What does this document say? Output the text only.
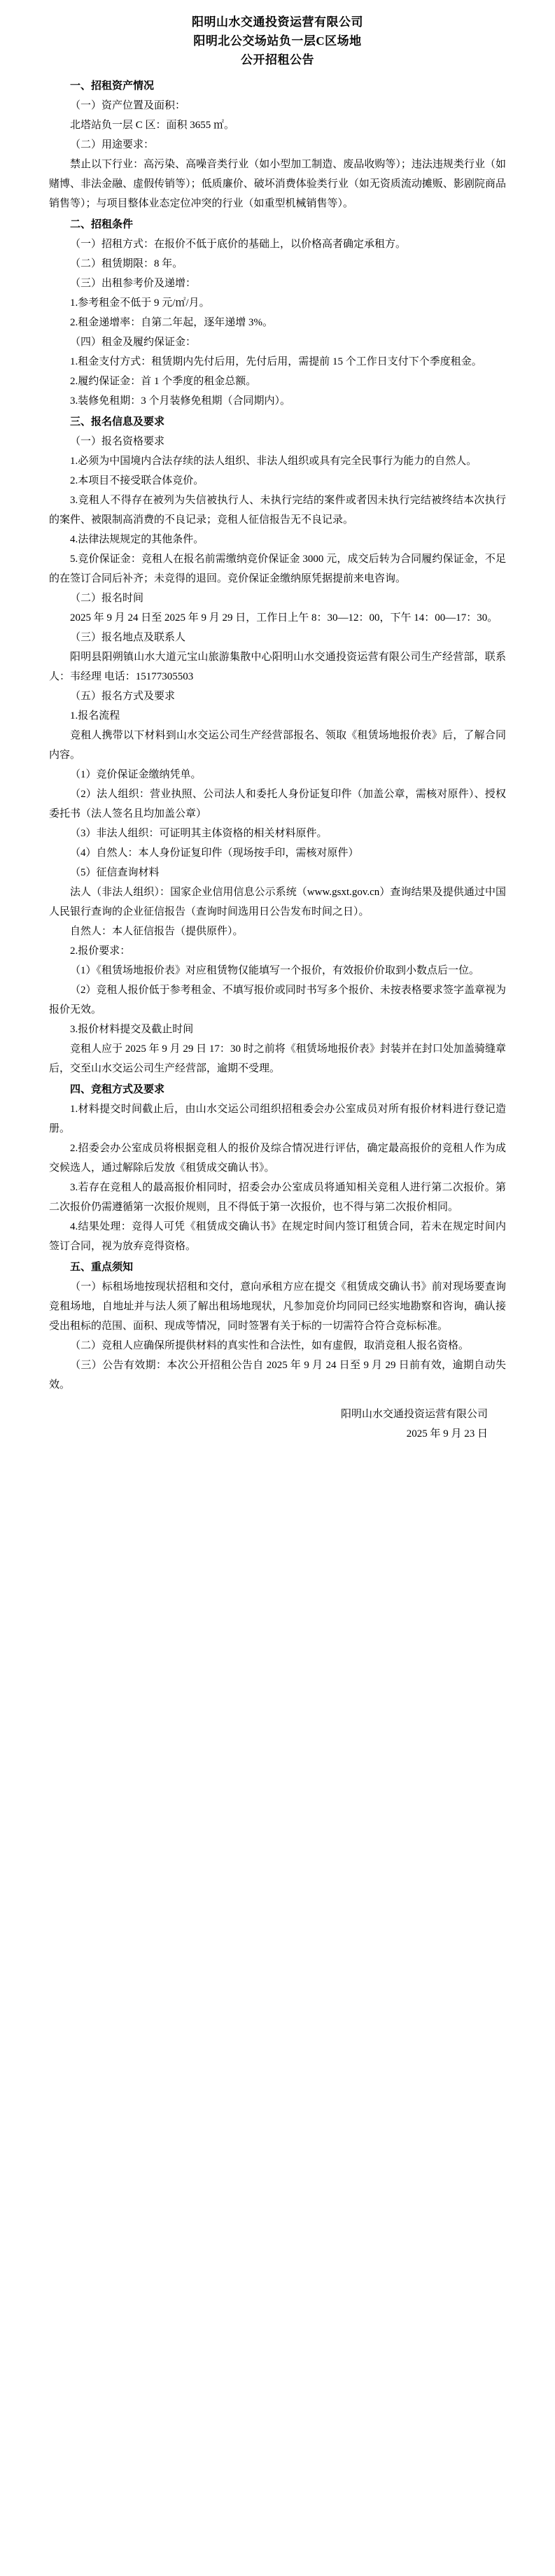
阳明山水交通投资运营有限公司
阳明北公交场站负一层C区场地
公开招租公告
一、招租资产情况
（一）资产位置及面积：
北塔站负一层 C 区：面积 3655 ㎡。
（二）用途要求：
禁止以下行业：高污染、高噪音类行业（如小型加工制造、废品收购等）；违法违规类行业（如赌博、非法金融、虚假传销等）；低质廉价、破坏消费体验类行业（如无资质流动摊贩、影剧院商品销售等）；与项目整体业态定位冲突的行业（如重型机械销售等）。
二、招租条件
（一）招租方式：在报价不低于底价的基础上，以价格高者确定承租方。
（二）租赁期限：8 年。
（三）出租参考价及递增：
1.参考租金不低于 9 元/㎡/月。
2.租金递增率：自第二年起，逐年递增 3%。
（四）租金及履约保证金：
1.租金支付方式：租赁期内先付后用，先付后用，需提前 15 个工作日支付下个季度租金。
2.履约保证金：首 1 个季度的租金总额。
3.装修免租期：3 个月装修免租期（合同期内）。
三、报名信息及要求
（一）报名资格要求
1.必须为中国境内合法存续的法人组织、非法人组织或具有完全民事行为能力的自然人。
2.本项目不接受联合体竞价。
3.竞租人不得存在被列为失信被执行人、未执行完结的案件或者因未执行完结被终结本次执行的案件、被限制高消费的不良记录；竞租人征信报告无不良记录。
4.法律法规规定的其他条件。
5.竞价保证金：竞租人在报名前需缴纳竞价保证金 3000 元，成交后转为合同履约保证金，不足的在签订合同后补齐；未竞得的退回。竞价保证金缴纳原凭据提前来电咨询。
（二）报名时间
2025 年 9 月 24 日至 2025 年 9 月 29 日，工作日上午 8：30—12：00，下午 14：00—17：30。
（三）报名地点及联系人
阳明县阳朔镇山水大道元宝山旅游集散中心阳明山水交通投资运营有限公司生产经营部，联系人：韦经理 电话：15177305503
（五）报名方式及要求
1.报名流程
竞租人携带以下材料到山水交运公司生产经营部报名、领取《租赁场地报价表》后，了解合同内容。
（1）竞价保证金缴纳凭单。
（2）法人组织：营业执照、公司法人和委托人身份证复印件（加盖公章，需核对原件）、授权委托书（法人签名且均加盖公章）
（3）非法人组织：可证明其主体资格的相关材料原件。
（4）自然人：本人身份证复印件（现场按手印，需核对原件）
（5）征信查询材料
法人（非法人组织）：国家企业信用信息公示系统（www.gsxt.gov.cn）查询结果及提供通过中国人民银行查询的企业征信报告（查询时间选用日公告发布时间之日）。
自然人：本人征信报告（提供原件）。
2.报价要求：
（1）《租赁场地报价表》对应租赁物仅能填写一个报价，有效报价价取到小数点后一位。
（2）竞租人报价低于参考租金、不填写报价或同时书写多个报价、未按表格要求签字盖章视为报价无效。
3.报价材料提交及截止时间
竞租人应于 2025 年 9 月 29 日 17：30 时之前将《租赁场地报价表》封装并在封口处加盖骑缝章后，交至山水交运公司生产经营部，逾期不受理。
四、竞租方式及要求
1.材料提交时间截止后，由山水交运公司组织招租委会办公室成员对所有报价材料进行登记造册。
2.招委会办公室成员将根据竞租人的报价及综合情况进行评估，确定最高报价的竞租人作为成交候选人，通过解除后发放《租赁成交确认书》。
3.若存在竞租人的最高报价相同时，招委会办公室成员将通知相关竞租人进行第二次报价。第二次报价仍需遵循第一次报价规则，且不得低于第一次报价，也不得与第二次报价相同。
4.结果处理：竞得人可凭《租赁成交确认书》在规定时间内签订租赁合同，若未在规定时间内签订合同，视为放弃竞得资格。
五、重点须知
（一）标租场地按现状招租和交付，意向承租方应在提交《租赁成交确认书》前对现场要查询竞租场地，自地址并与法人须了解出租场地现状，凡参加竞价均同同已经实地勘察和咨询，确认接受出租标的范围、面积、现成等情况，同时签署有关于标的一切需符合符合竞标标准。
（二）竞租人应确保所提供材料的真实性和合法性，如有虚假，取消竞租人报名资格。
（三）公告有效期：本次公开招租公告自 2025 年 9 月 24 日至 9 月 29 日前有效，逾期自动失效。
阳明山水交通投资运营有限公司
2025 年 9 月 23 日
